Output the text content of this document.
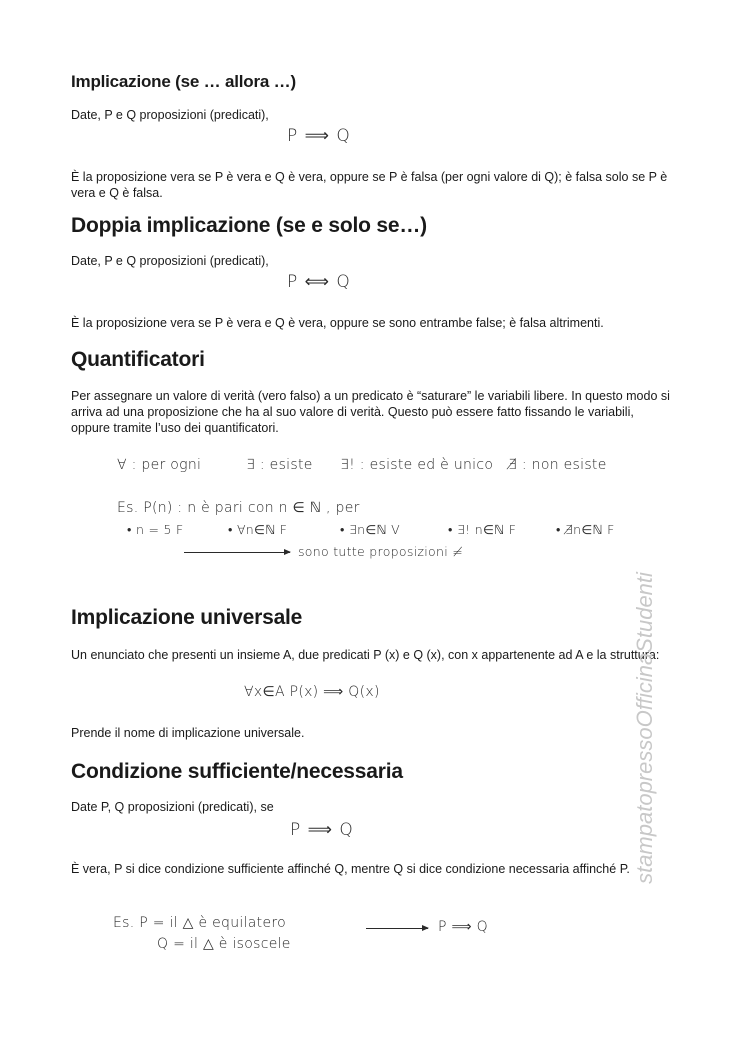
Implicazione (se … allora …)

Date, P e Q proposizioni (predicati),

P ⟹ Q

È la proposizione vera se P è vera e Q è vera, oppure se P è falsa (per ogni valore di Q); è falsa solo se P è vera e Q è falsa.

Doppia implicazione (se e solo se…)

Date, P e Q proposizioni (predicati),

P ⟺ Q

È la proposizione vera se P è vera e Q è vera, oppure se sono entrambe false; è falsa altrimenti.

Quantificatori

Per assegnare un valore di verità (vero falso) a un predicato è “saturare” le variabili libere. In questo modo si arriva ad una proposizione che ha al suo valore di verità. Questo può essere fatto fissando le variabili, oppure tramite l’uso dei quantificatori.

∀ : per ogni	∃ : esiste ∃! : esiste ed è unico ∄ : non esiste
Es. P(n) : n è pari con n ∈ ℕ , per
• n = 5 F	• ∀n∈ℕ F	• ∃n∈ℕ V	• ∃! n∈ℕ F	• ∄n∈ℕ F
sono tutte proposizioni ≠
Implicazione universale

Un enunciato che presenti un insieme A, due predicati P (x) e Q (x), con x appartenente ad A e la struttura:

∀x∈A P(x) ⟹ Q(x)

Prende il nome di implicazione universale.

Condizione sufficiente/necessaria

Date P, Q proposizioni (predicati), se

P ⟹ Q

È vera, P si dice condizione sufficiente affinché Q, mentre Q si dice condizione necessaria affinché P.

Es. P = il △ è equilatero
Q = il △ è isoscele
P ⟹ Q
stampatopressoOfficinaStudenti
